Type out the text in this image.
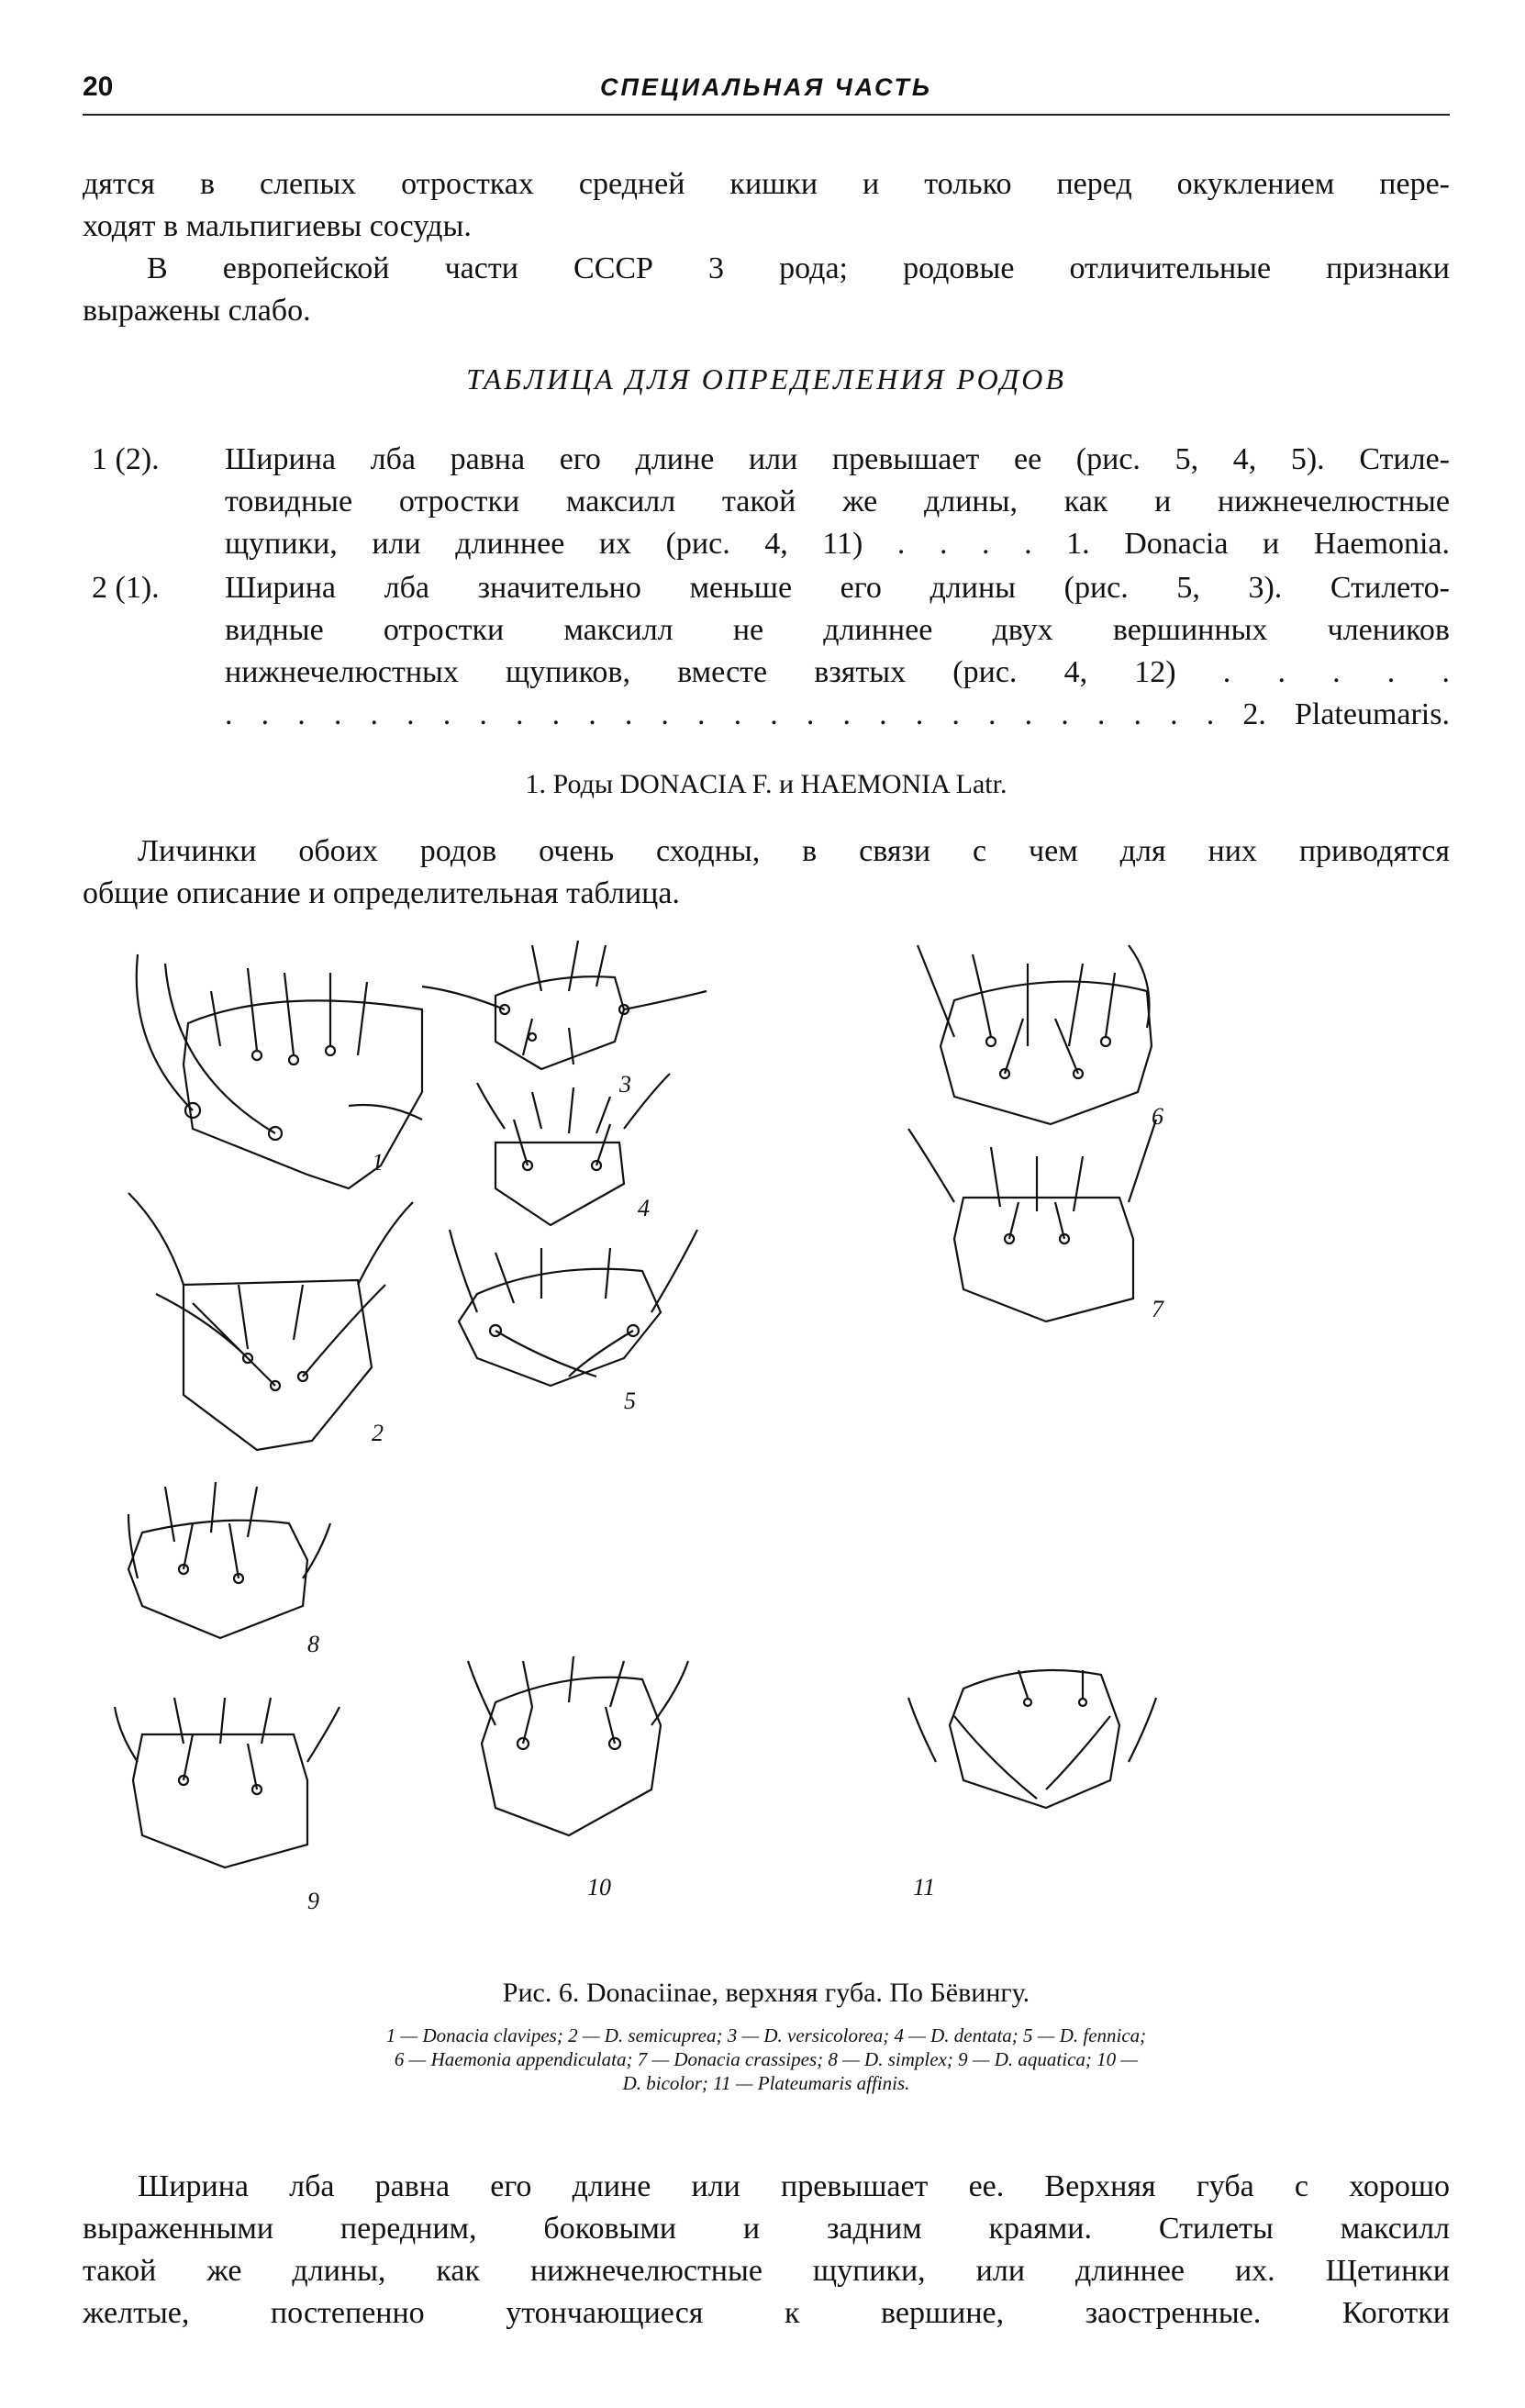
20	СПЕЦИАЛЬНАЯ ЧАСТЬ
дятся в слепых отростках средней кишки и только перед окуклением пере-
ходят в мальпигиевы сосуды.
В европейской части СССР 3 рода; родовые отличительные признаки
выражены слабо.
ТАБЛИЦА ДЛЯ ОПРЕДЕЛЕНИЯ РОДОВ
1 (2). Ширина лба равна его длине или превышает ее (рис. 5, 4, 5). Стиле-
товидные отростки максилл такой же длины, как и нижнечелюстные
щупики, или длиннее их (рис. 4, 11) . . . . 1. Donacia и Haemonia.
2 (1). Ширина лба значительно меньше его длины (рис. 5, 3). Стилето-
видные отростки максилл не длиннее двух вершинных члеников
нижнечелюстных щупиков, вместе взятых (рис. 4, 12) . . . . .
. . . . . . . . . . . . . . . . . . . . . . . . . . . . 2. Plateumaris.
1. Роды DONACIA F. и HAEMONIA Latr.
Личинки обоих родов очень сходны, в связи с чем для них приводятся
общие описание и определительная таблица.
1
2
3
4
5
6
7
8
9
10	11
Рис. 6. Donaciinae, верхняя губа. По Бёвингу.
1 — Donacia clavipes; 2 — D. semicuprea; 3 — D. versicolorea; 4 — D. dentata; 5 — D. fennica;
6 — Haemonia appendiculata; 7 — Donacia crassipes; 8 — D. simplex; 9 — D. aquatica; 10 —
D. bicolor; 11 — Plateumaris affinis.
Ширина лба равна его длине или превышает ее. Верхняя губа с хорошо
выраженными передним, боковыми и задним краями. Стилеты максилл
такой же длины, как нижнечелюстные щупики, или длиннее их. Щетинки
желтые, постепенно утончающиеся к вершине, заостренные. Коготки
